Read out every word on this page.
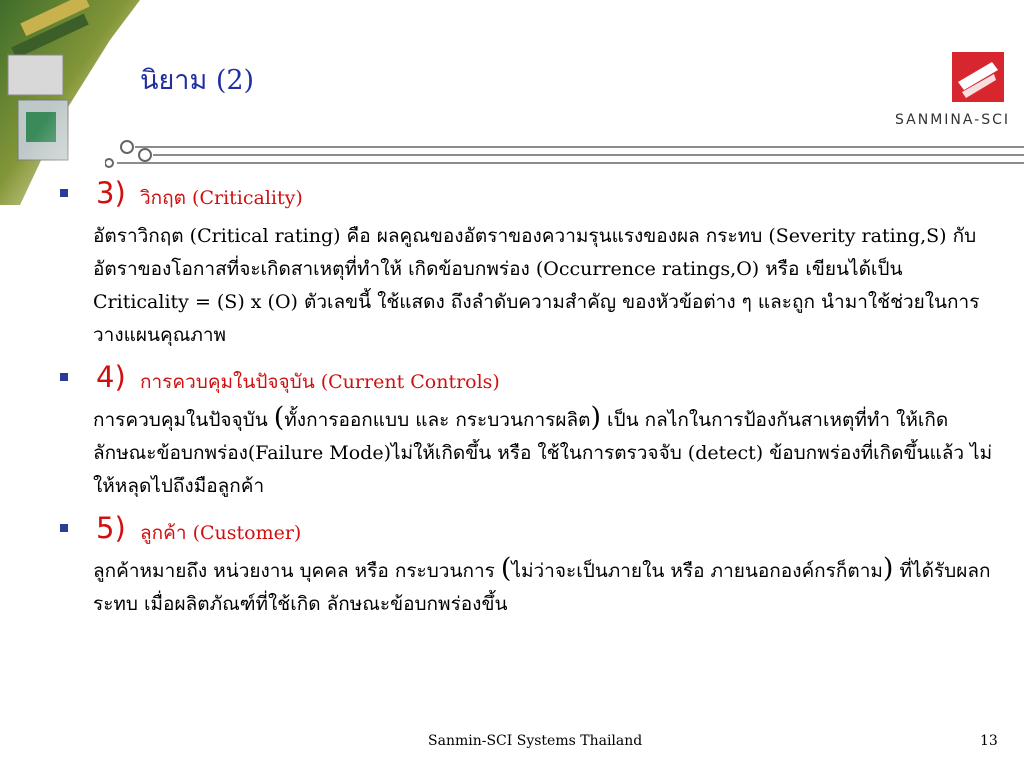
นิยาม (2)
SANMINA-SCI
3) วิกฤต (Criticality)

อัตราวิกฤต (Critical rating) คือ ผลคูณของอัตราของความรุนแรงของผล กระทบ (Severity rating,S) กับ อัตราของโอกาสที่จะเกิดสาเหตุที่ทำให้ เกิดข้อบกพร่อง (Occurrence ratings,O) หรือ เขียนได้เป็น Criticality = (S) x (O) ตัวเลขนี้ ใช้แสดง ถึงลำดับความสำคัญ ของหัวข้อต่าง ๆ และถูก นำมาใช้ช่วยในการวางแผนคุณภาพ

4) การควบคุมในปัจจุบัน (Current Controls)

การควบคุมในปัจจุบัน (ทั้งการออกแบบ และ กระบวนการผลิต) เป็น กลไกในการป้องกันสาเหตุที่ทำ ให้เกิดลักษณะข้อบกพร่อง(Failure Mode)ไม่ให้เกิดขึ้น หรือ ใช้ในการตรวจจับ (detect) ข้อบกพร่องที่เกิดขึ้นแล้ว ไม่ให้หลุดไปถึงมือลูกค้า

5) ลูกค้า (Customer)

ลูกค้าหมายถึง หน่วยงาน บุคคล หรือ กระบวนการ (ไม่ว่าจะเป็นภายใน หรือ ภายนอกองค์กรก็ตาม) ที่ได้รับผลกระทบ เมื่อผลิตภัณฑ์ที่ใช้เกิด ลักษณะข้อบกพร่องขึ้น

Sanmin-SCI Systems Thailand	13
